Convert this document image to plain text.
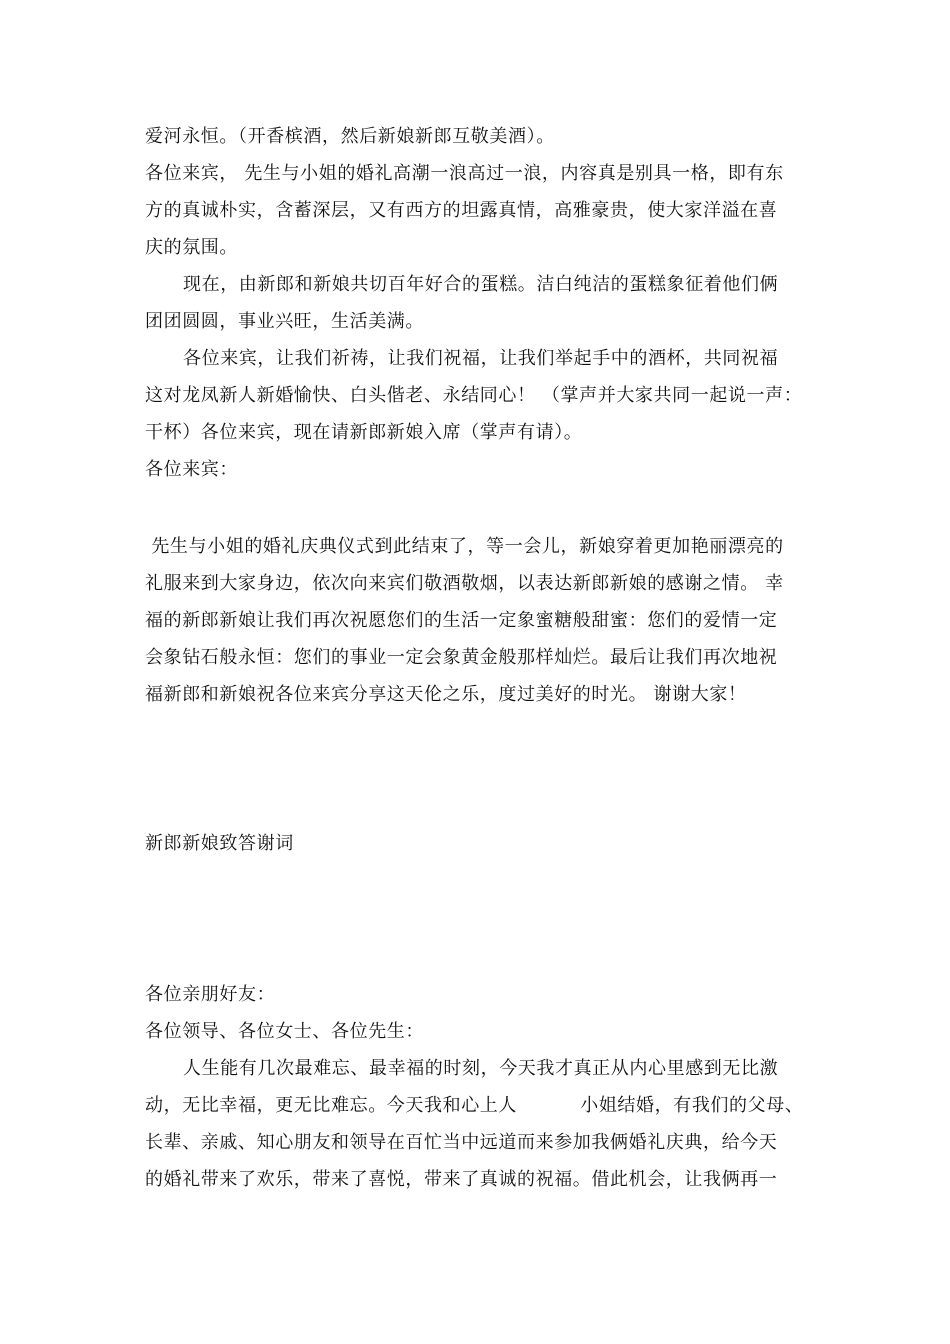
爱河永恒。（开香槟酒，然后新娘新郎互敬美酒）。
各位来宾， 先生与小姐的婚礼高潮一浪高过一浪，内容真是别具一格，即有东
方的真诚朴实，含蓄深层，又有西方的坦露真情，高雅豪贵，使大家洋溢在喜
庆的氛围。
现在，由新郎和新娘共切百年好合的蛋糕。洁白纯洁的蛋糕象征着他们俩
团团圆圆，事业兴旺，生活美满。
各位来宾，让我们祈祷，让我们祝福，让我们举起手中的酒杯，共同祝福
这对龙凤新人新婚愉快、白头偕老、永结同心！ （掌声并大家共同一起说一声：
干杯）各位来宾，现在请新郎新娘入席（掌声有请）。
各位来宾：
先生与小姐的婚礼庆典仪式到此结束了，等一会儿，新娘穿着更加艳丽漂亮的
礼服来到大家身边，依次向来宾们敬酒敬烟，以表达新郎新娘的感谢之情。 幸
福的新郎新娘让我们再次祝愿您们的生活一定象蜜糖般甜蜜：您们的爱情一定
会象钻石般永恒：您们的事业一定会象黄金般那样灿烂。最后让我们再次地祝
福新郎和新娘祝各位来宾分享这天伦之乐，度过美好的时光。 谢谢大家！
新郎新娘致答谢词
各位亲朋好友：
各位领导、各位女士、各位先生：
人生能有几次最难忘、最幸福的时刻，今天我才真正从内心里感到无比激
动，无比幸福，更无比难忘。今天我和心上人          小姐结婚，有我们的父母、
长辈、亲戚、知心朋友和领导在百忙当中远道而来参加我俩婚礼庆典，给今天
的婚礼带来了欢乐，带来了喜悦，带来了真诚的祝福。借此机会，让我俩再一
